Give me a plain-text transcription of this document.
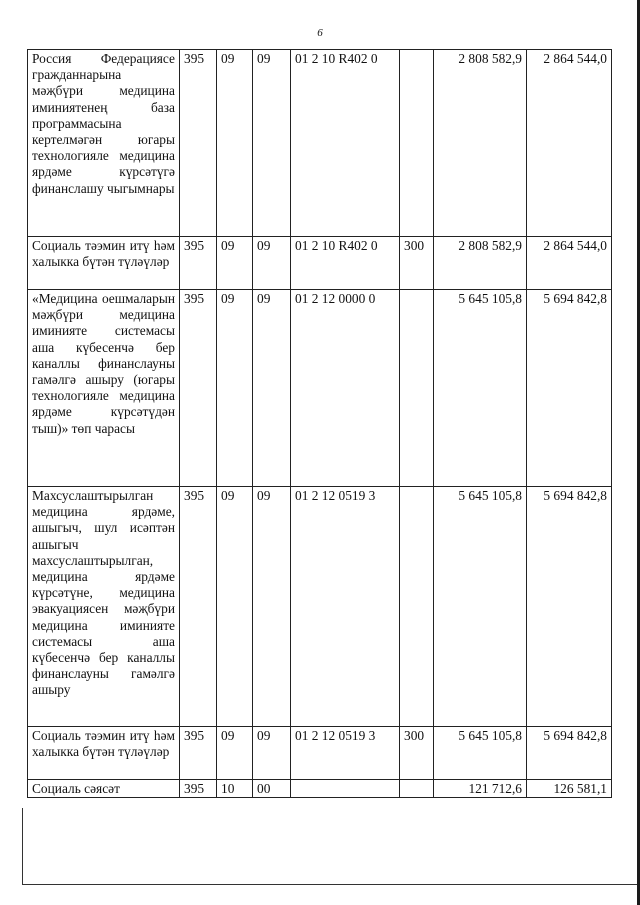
6
Россия Федерациясе гражданнарына мәҗбүри медицина иминиятенең база программасына кертелмәгән югары технологияле медицина ярдәме күрсәтүгә финанслашу чыгымнары	395	09	09	01 2 10 R402 0		2 808 582,9	2 864 544,0
Социаль тәэмин итү һәм халыкка бүтән түләүләр	395	09	09	01 2 10 R402 0	300	2 808 582,9	2 864 544,0
«Медицина оешмаларын мәҗбүри медицина иминияте системасы аша күбесенчә бер каналлы финанслауны гамәлгә ашыру (югары технологияле медицина ярдәме күрсәтүдән тыш)» төп чарасы	395	09	09	01 2 12 0000 0		5 645 105,8	5 694 842,8
Махсуслаштырылган медицина ярдәме, ашыгыч, шул исәптән ашыгыч махсуслаштырылган, медицина ярдәме күрсәтүне, медицина эвакуациясен мәҗбүри медицина иминияте системасы аша күбесенчә бер каналлы финанслауны гамәлгә ашыру	395	09	09	01 2 12 0519 3		5 645 105,8	5 694 842,8
Социаль тәэмин итү һәм халыкка бүтән түләүләр	395	09	09	01 2 12 0519 3	300	5 645 105,8	5 694 842,8
Социаль сәясәт	395	10	00			121 712,6	126 581,1
